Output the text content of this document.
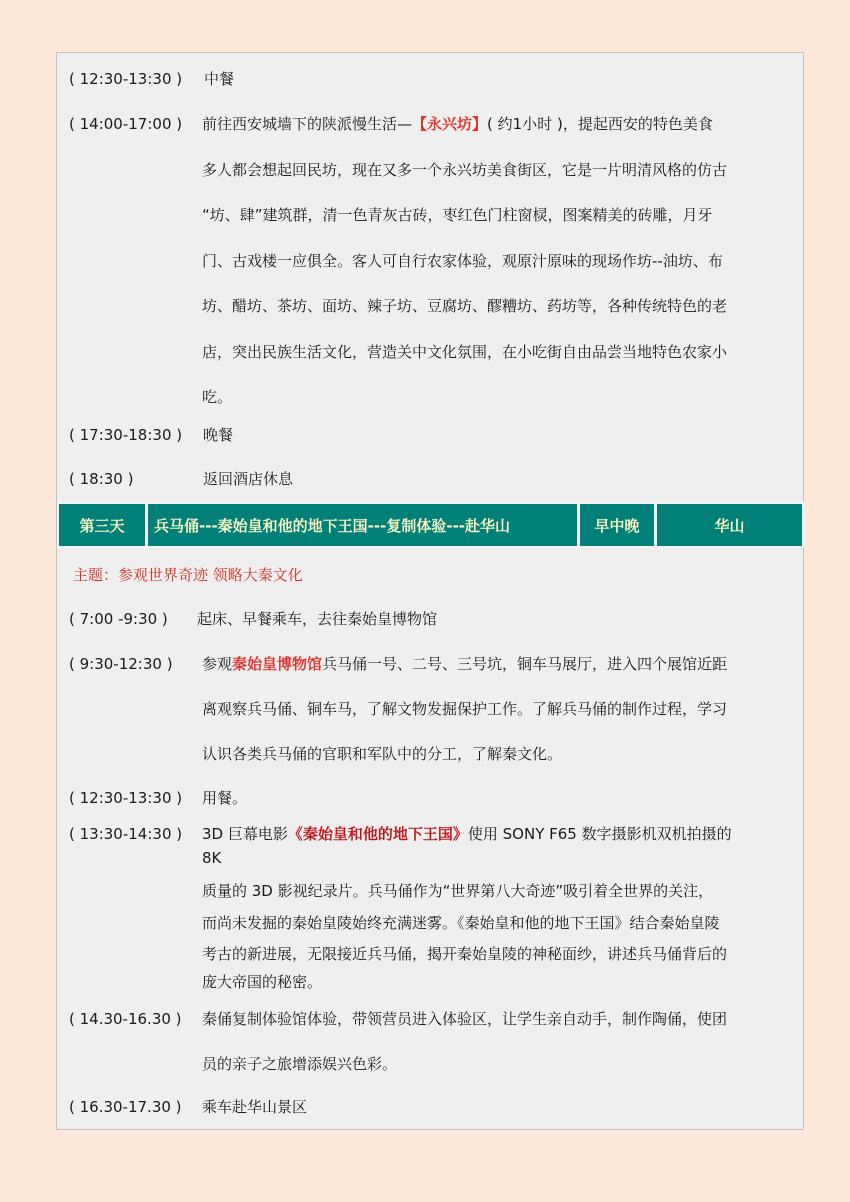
( 12:30-13:30 ) 中餐
( 14:00-17:00 ) 前往西安城墙下的陕派慢生活—【永兴坊】( 约1小时 )，提起西安的特色美食
多人都会想起回民坊，现在又多一个永兴坊美食街区，它是一片明清风格的仿古
“坊、肆”建筑群，清一色青灰古砖，枣红色门柱窗棂，图案精美的砖雕，月牙
门、古戏楼一应俱全。客人可自行农家体验，观原汁原味的现场作坊--油坊、布
坊、醋坊、茶坊、面坊、辣子坊、豆腐坊、醪糟坊、药坊等，各种传统特色的老
店，突出民族生活文化，营造关中文化氛围，在小吃街自由品尝当地特色农家小
吃。
( 17:30-18:30 ) 晚餐
( 18:30 )	返回酒店休息
第三天	兵马俑---秦始皇和他的地下王国---复制体验---赴华山	早中晚	华山
主题：参观世界奇迹 领略大秦文化
( 7:00 -9:30 ) 起床、早餐乘车，去往秦始皇博物馆
( 9:30-12:30 ) 参观秦始皇博物馆兵马俑一号、二号、三号坑，铜车马展厅，进入四个展馆近距
离观察兵马俑、铜车马，了解文物发掘保护工作。了解兵马俑的制作过程，学习
认识各类兵马俑的官职和军队中的分工，了解秦文化。
( 12:30-13:30 ) 用餐。
( 13:30-14:30 ) 3D 巨幕电影《秦始皇和他的地下王国》使用 SONY F65 数字摄影机双机拍摄的
8K
质量的 3D 影视纪录片。兵马俑作为“世界第八大奇迹”吸引着全世界的关注，
而尚未发掘的秦始皇陵始终充满迷雾。《秦始皇和他的地下王国》结合秦始皇陵
考古的新进展，无限接近兵马俑，揭开秦始皇陵的神秘面纱，讲述兵马俑背后的
庞大帝国的秘密。
( 14.30-16.30 ) 秦俑复制体验馆体验，带领营员进入体验区，让学生亲自动手，制作陶俑，使团
员的亲子之旅增添娱兴色彩。
( 16.30-17.30 ) 乘车赴华山景区
